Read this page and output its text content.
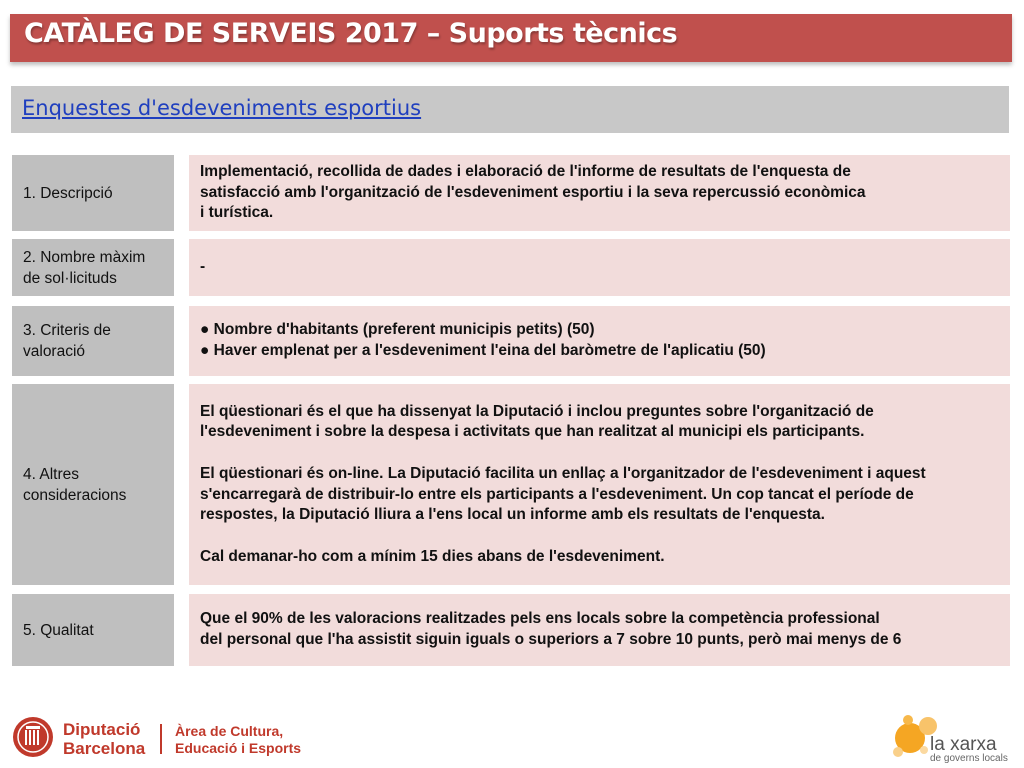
CATÀLEG DE SERVEIS 2017 – Suports tècnics
Enquestes d'esdeveniments esportius
1. Descripció

Implementació, recollida de dades i elaboració de l'informe de resultats de l'enquesta de
satisfacció amb l'organització de l'esdeveniment esportiu i la seva repercussió econòmica
i turística.

2. Nombre màxim
de sol·licituds

-

3. Criteris de
valoració

● Nombre d'habitants (preferent municipis petits) (50)
● Haver emplenat per a l'esdeveniment l'eina del baròmetre de l'aplicatiu (50)

4. Altres
consideracions
El qüestionari és el que ha dissenyat la Diputació i inclou preguntes sobre l'organització de
l'esdeveniment i sobre la despesa i activitats que han realitzat al municipi els participants.
El qüestionari és on-line. La Diputació facilita un enllaç a l'organitzador de l'esdeveniment i aquest
s'encarregarà de distribuir-lo entre els participants a l'esdeveniment. Un cop tancat el període de
respostes, la Diputació lliura a l'ens local un informe amb els resultats de l'enquesta.
Cal demanar-ho com a mínim 15 dies abans de l'esdeveniment.
5. Qualitat

Que el 90% de les valoracions realitzades pels ens locals sobre la competència professional
del personal que l'ha assistit siguin iguals o superiors a 7 sobre 10 punts, però mai menys de 6

Diputació
Barcelona
Àrea de Cultura,
Educació i Esports	la xarxa
de governs locals
